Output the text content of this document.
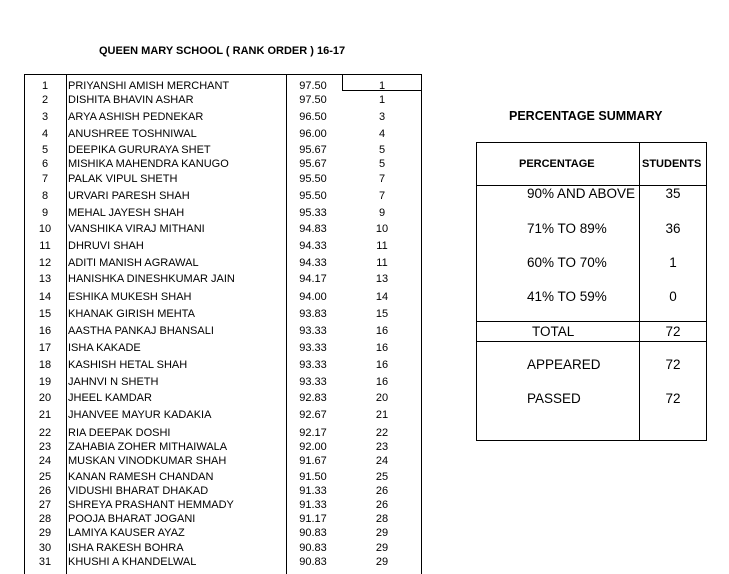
QUEEN MARY SCHOOL ( RANK ORDER ) 16-17
1	PRIYANSHI AMISH MERCHANT	97.50	1
2	DISHITA BHAVIN ASHAR	97.50	1
3	ARYA ASHISH PEDNEKAR	96.50	3
4	ANUSHREE TOSHNIWAL	96.00	4
5	DEEPIKA GURURAYA SHET	95.67	5
6	MISHIKA MAHENDRA KANUGO	95.67	5
7	PALAK VIPUL SHETH	95.50	7
8	URVARI PARESH SHAH	95.50	7
9	MEHAL JAYESH SHAH	95.33	9
10	VANSHIKA VIRAJ MITHANI	94.83	10
11	DHRUVI SHAH	94.33	11
12	ADITI MANISH AGRAWAL	94.33	11
13	HANISHKA DINESHKUMAR JAIN	94.17	13
14	ESHIKA MUKESH SHAH	94.00	14
15	KHANAK GIRISH MEHTA	93.83	15
16	AASTHA PANKAJ BHANSALI	93.33	16
17	ISHA KAKADE	93.33	16
18	KASHISH HETAL SHAH	93.33	16
19	JAHNVI N SHETH	93.33	16
20	JHEEL KAMDAR	92.83	20
21	JHANVEE MAYUR KADAKIA	92.67	21
22	RIA DEEPAK DOSHI	92.17	22
23	ZAHABIA ZOHER MITHAIWALA	92.00	23
24	MUSKAN VINODKUMAR SHAH	91.67	24
25	KANAN RAMESH CHANDAN	91.50	25
26	VIDUSHI BHARAT DHAKAD	91.33	26
27	SHREYA PRASHANT HEMMADY	91.33	26
28	POOJA BHARAT JOGANI	91.17	28
29	LAMIYA KAUSER AYAZ	90.83	29
30	ISHA RAKESH BOHRA	90.83	29
31	KHUSHI A KHANDELWAL	90.83	29
PERCENTAGE SUMMARY
PERCENTAGE	STUDENTS
90% AND ABOVE	35
71% TO 89%	36
60% TO 70%	1
41% TO 59%	0
TOTAL	72
APPEARED	72
PASSED	72
